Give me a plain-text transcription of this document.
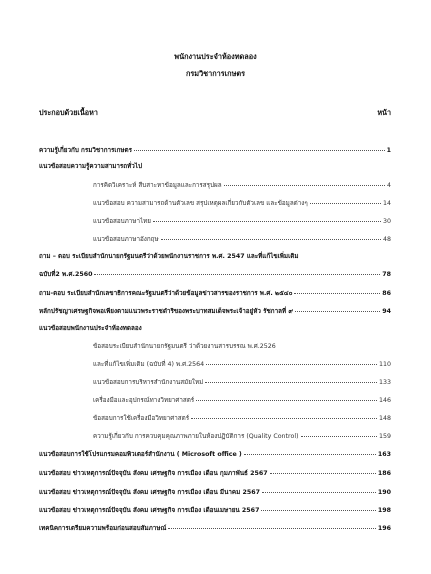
พนักงานประจำห้องทดลอง
กรมวิชาการเกษตร
ประกอบด้วยเนื้อหา	หน้า
ความรู้เกี่ยวกับ กรมวิชาการเกษตร	1
แนวข้อสอบความรู้ความสามารถทั่วไป
การคิดวิเคราะห์ สืบสาะหาข้อมูลและการสรุปผล	4
แนวข้อสอบ ความสามารถด้านตัวเลข สรุปเหตุผลเกี่ยวกับตัวเลข และข้อมูลต่างๆ	14
แนวข้อสอบภาษาไทย	30
แนวข้อสอบภาษาอังกฤษ	48
ถาม – ตอบ ระเบียบสำนักนายกรัฐมนตรีว่าด้วยพนักงานราชการ พ.ศ. 2547 และที่แก้ไขเพิ่มเติม
ฉบับที่2 พ.ศ.2560	78
ถาม-ตอบ ระเบียบสำนักเลขาธิการคณะรัฐมนตรีว่าด้วยข้อมูลข่าวสารของราชการ พ.ศ. ๒๕๔๐	86
หลักปรัชญาเศรษฐกิจพอเพียงตามแนวพระราชดำริของพระบาทสมเด็จพระเจ้าอยู่หัว รัชกาลที่ ๙	94
แนวข้อสอบพนักงานประจำห้องทดลอง
ข้อสอบระเบียบสำนักนายกรัฐมนตรี ว่าด้วยงานสารบรรณ พ.ศ.2526
และที่แก้ไขเพิ่มเติม (ฉบับที่ 4) พ.ศ.2564	110
แนวข้อสอบการบริหารสำนักงานสมัยใหม่	133
เครื่องมือและอุปกรณ์ทางวิทยาศาสตร์	146
ข้อสอบการใช้เครื่องมือวิทยาศาสตร์	148
ความรู้เกี่ยวกับ การควบคุมคุณภาพภายในห้องปฏิบัติการ (Quality Control)	159
แนวข้อสอบการใช้โปรแกรมคอมพิวเตอร์สำนักงาน ( Microsoft office )	163
แนวข้อสอบ ข่าวเหตุการณ์ปัจจุบัน สังคม เศรษฐกิจ การเมือง เดือน กุมภาพันธ์ 2567	186
แนวข้อสอบ ข่าวเหตุการณ์ปัจจุบัน สังคม เศรษฐกิจ การเมือง เดือน มีนาคม 2567	190
แนวข้อสอบ ข่าวเหตุการณ์ปัจจุบัน สังคม เศรษฐกิจ การเมือง เดือนเมษายน 2567	198
เทคนิคการเตรียมความพร้อมก่อนสอบสัมภาษณ์	196
